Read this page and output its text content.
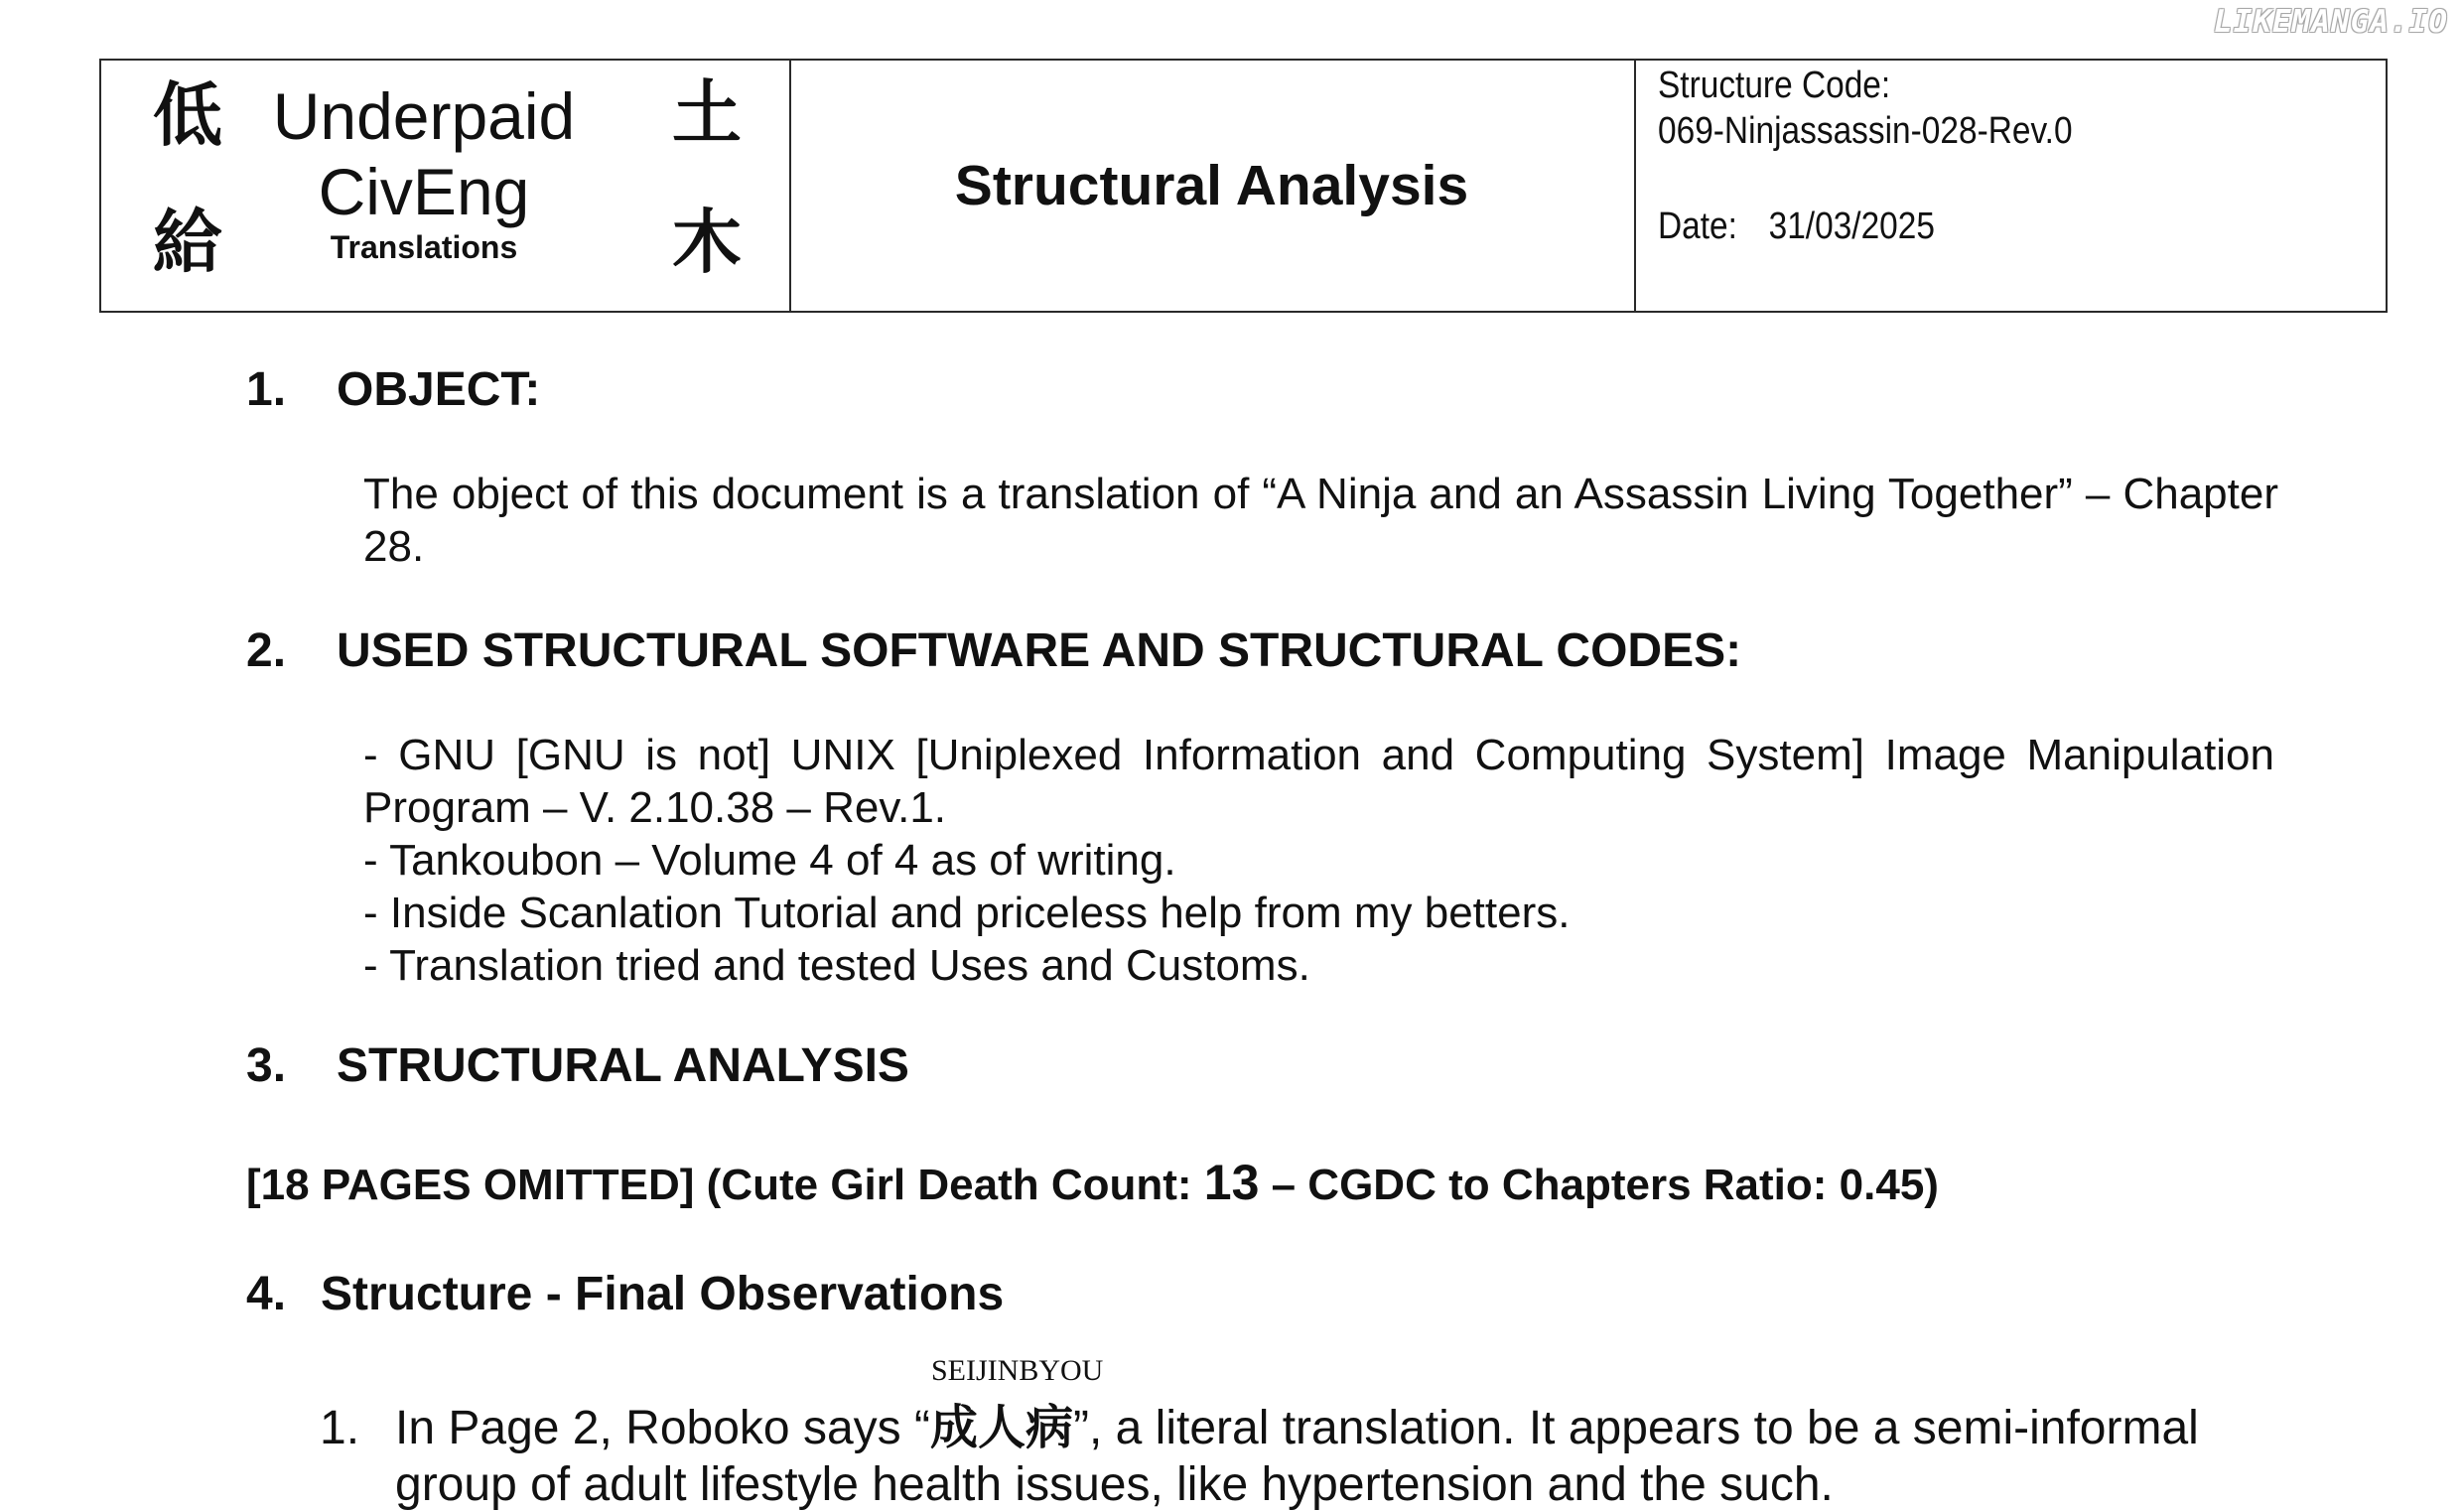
LIKEMANGA.IO
低
給
土
木
Underpaid
CivEng
Translations
Structural Analysis
Structure Code:
069-Ninjassassin-028-Rev.0
Date: 31/03/2025
1. OBJECT:
The object of this document is a translation of “A Ninja and an Assassin Living Together” – Chapter 28.
2. USED STRUCTURAL SOFTWARE AND STRUCTURAL CODES:
- GNU [GNU is not] UNIX [Uniplexed Information and Computing System] Image Manipulation Program – V. 2.10.38 – Rev.1.
- Tankoubon – Volume 4 of 4 as of writing.
- Inside Scanlation Tutorial and priceless help from my betters.
- Translation tried and tested Uses and Customs.
3. STRUCTURAL ANALYSIS
[18 PAGES OMITTED] (Cute Girl Death Count: 13 – CGDC to Chapters Ratio: 0.45)
4. Structure - Final Observations
SEIJINBYOU
1. In Page 2, Roboko says “成人病”, a literal translation. It appears to be a semi-informal
group of adult lifestyle health issues, like hypertension and the such.
